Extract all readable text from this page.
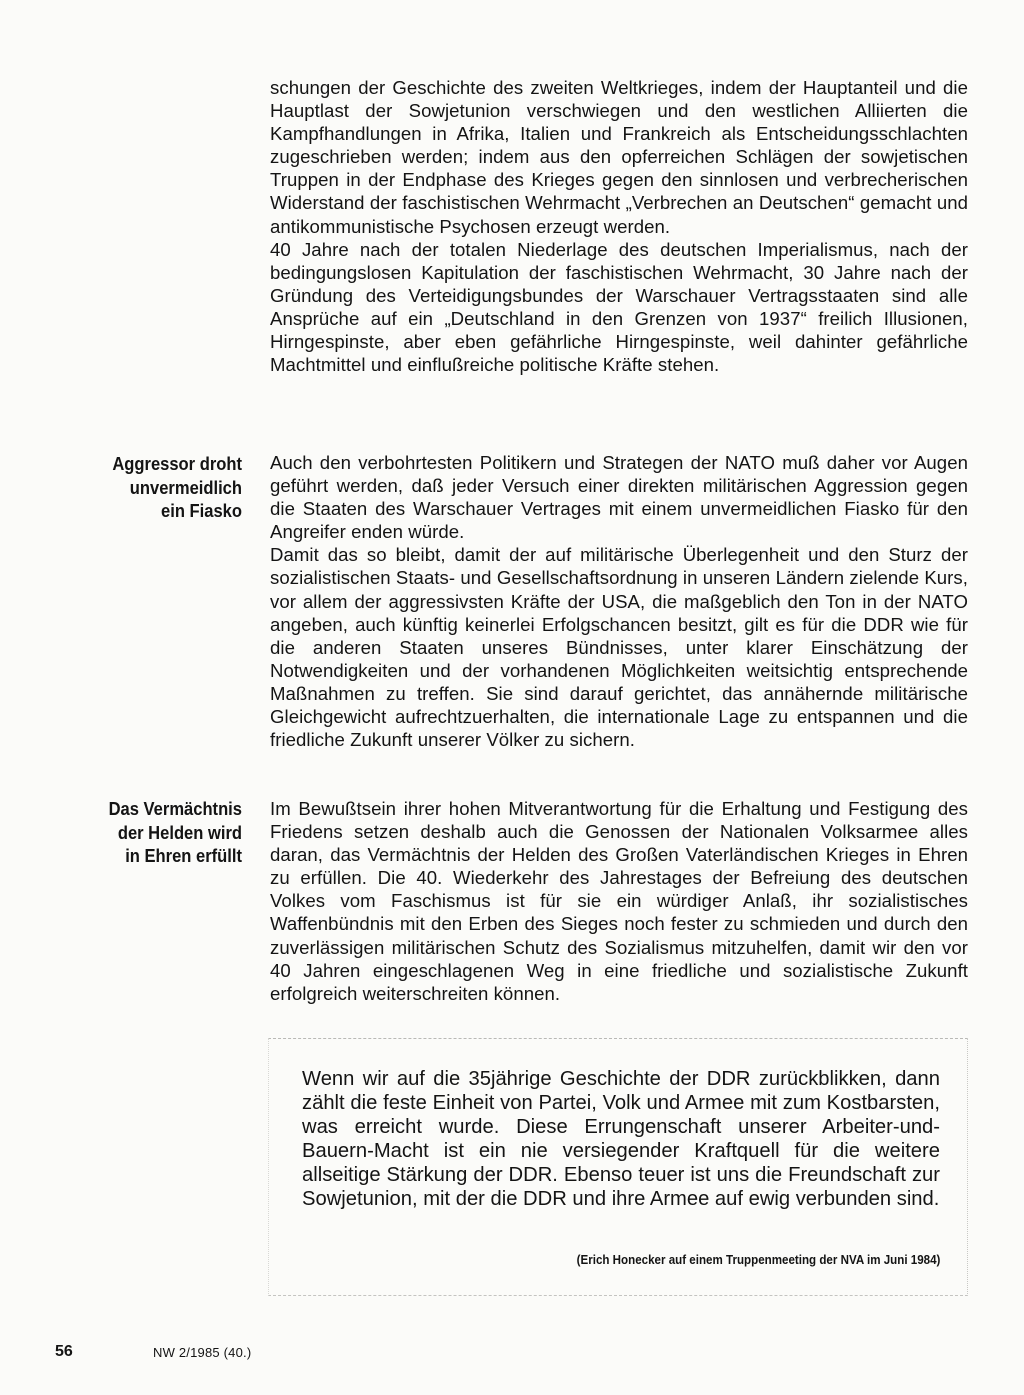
schungen der Geschichte des zweiten Weltkrieges, indem der Hauptanteil und die Hauptlast der Sowjetunion verschwiegen und den westlichen Alliierten die Kampfhandlungen in Afrika, Italien und Frankreich als Entscheidungsschlachten zugeschrieben werden; indem aus den opferreichen Schlägen der sowjetischen Truppen in der Endphase des Krieges gegen den sinnlosen und verbrecherischen Widerstand der faschistischen Wehrmacht „Verbrechen an Deutschen“ gemacht und antikommunistische Psychosen erzeugt werden.

40 Jahre nach der totalen Niederlage des deutschen Imperialismus, nach der bedingungslosen Kapitulation der faschistischen Wehrmacht, 30 Jahre nach der Gründung des Verteidigungsbundes der Warschauer Vertragsstaaten sind alle Ansprüche auf ein „Deutschland in den Grenzen von 1937“ freilich Illusionen, Hirngespinste, aber eben gefährliche Hirngespinste, weil dahinter gefährliche Machtmittel und einflußreiche politische Kräfte stehen.

Aggressor droht
unvermeidlich
ein Fiasko

Auch den verbohrtesten Politikern und Strategen der NATO muß daher vor Augen geführt werden, daß jeder Versuch einer direkten militärischen Aggression gegen die Staaten des Warschauer Vertrages mit einem unvermeidlichen Fiasko für den Angreifer enden würde.

Damit das so bleibt, damit der auf militärische Überlegenheit und den Sturz der sozialistischen Staats- und Gesellschaftsordnung in unseren Ländern zielende Kurs, vor allem der aggressivsten Kräfte der USA, die maßgeblich den Ton in der NATO angeben, auch künftig keinerlei Erfolgschancen besitzt, gilt es für die DDR wie für die anderen Staaten unseres Bündnisses, unter klarer Einschätzung der Notwendigkeiten und der vorhandenen Möglichkeiten weitsichtig entsprechende Maßnahmen zu treffen. Sie sind darauf gerichtet, das annähernde militärische Gleichgewicht aufrechtzuerhalten, die internationale Lage zu entspannen und die friedliche Zukunft unserer Völker zu sichern.

Das Vermächtnis
der Helden wird
in Ehren erfüllt

Im Bewußtsein ihrer hohen Mitverantwortung für die Erhaltung und Festigung des Friedens setzen deshalb auch die Genossen der Nationalen Volksarmee alles daran, das Vermächtnis der Helden des Großen Vaterländischen Krieges in Ehren zu erfüllen. Die 40. Wiederkehr des Jahrestages der Befreiung des deutschen Volkes vom Faschismus ist für sie ein würdiger Anlaß, ihr sozialistisches Waffenbündnis mit den Erben des Sieges noch fester zu schmieden und durch den zuverlässigen militärischen Schutz des Sozialismus mitzuhelfen, damit wir den vor 40 Jahren eingeschlagenen Weg in eine friedliche und sozialistische Zukunft erfolgreich weiterschreiten können.

Wenn wir auf die 35jährige Geschichte der DDR zurückblikken, dann zählt die feste Einheit von Partei, Volk und Armee mit zum Kostbarsten, was erreicht wurde. Diese Errungenschaft unserer Arbeiter-und-Bauern-Macht ist ein nie versiegender Kraftquell für die weitere allseitige Stärkung der DDR. Ebenso teuer ist uns die Freundschaft zur Sowjetunion, mit der die DDR und ihre Armee auf ewig verbunden sind.

(Erich Honecker auf einem Truppenmeeting der NVA im Juni 1984)
56	NW 2/1985 (40.)
